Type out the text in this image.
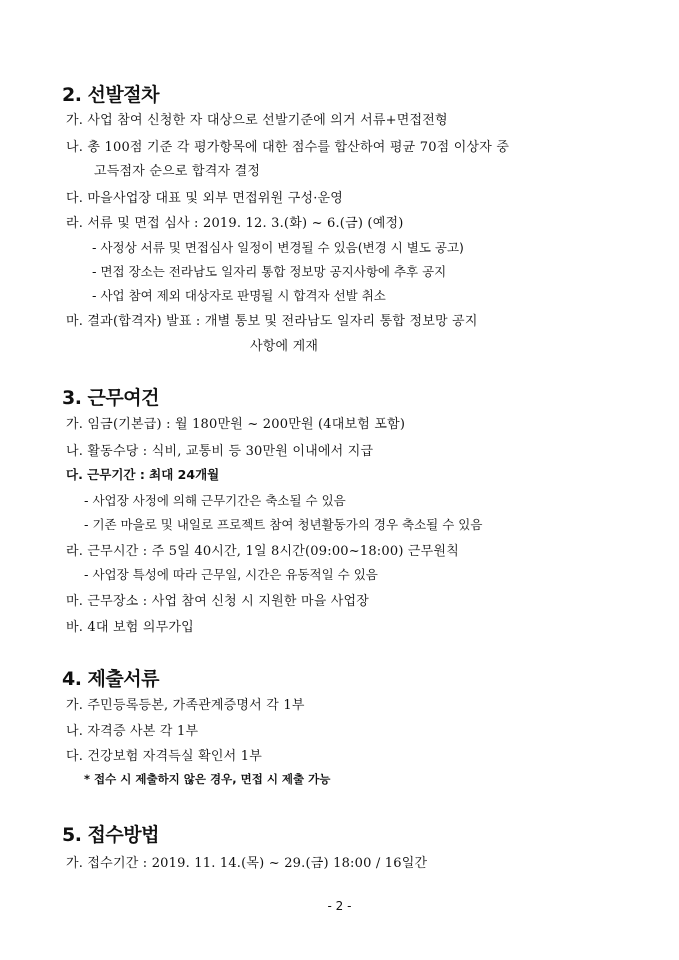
2. 선발절차
가. 사업 참여 신청한 자 대상으로 선발기준에 의거 서류+면접전형
나. 총 100점 기준 각 평가항목에 대한 점수를 합산하여 평균 70점 이상자 중
고득점자 순으로 합격자 결정
다. 마을사업장 대표 및 외부 면접위원 구성·운영
라. 서류 및 면접 심사 : 2019. 12. 3.(화) ~ 6.(금) (예정)
- 사정상 서류 및 면접심사 일정이 변경될 수 있음(변경 시 별도 공고)
- 면접 장소는 전라남도 일자리 통합 정보망 공지사항에 추후 공지
- 사업 참여 제외 대상자로 판명될 시 합격자 선발 취소
마. 결과(합격자) 발표 : 개별 통보 및 전라남도 일자리 통합 정보망 공지
사항에 게재
3. 근무여건
가. 임금(기본급) : 월 180만원 ~ 200만원 (4대보험 포함)
나. 활동수당 : 식비, 교통비 등 30만원 이내에서 지급
다. 근무기간 : 최대 24개월
- 사업장 사정에 의해 근무기간은 축소될 수 있음
- 기존 마을로 및 내일로 프로젝트 참여 청년활동가의 경우 축소될 수 있음
라. 근무시간 : 주 5일 40시간, 1일 8시간(09:00~18:00) 근무원칙
- 사업장 특성에 따라 근무일, 시간은 유동적일 수 있음
마. 근무장소 : 사업 참여 신청 시 지원한 마을 사업장
바. 4대 보험 의무가입
4. 제출서류
가. 주민등록등본, 가족관계증명서 각 1부
나. 자격증 사본 각 1부
다. 건강보험 자격득실 확인서 1부
* 접수 시 제출하지 않은 경우, 면접 시 제출 가능
5. 접수방법
가. 접수기간 : 2019. 11. 14.(목) ~ 29.(금) 18:00 / 16일간
- 2 -
